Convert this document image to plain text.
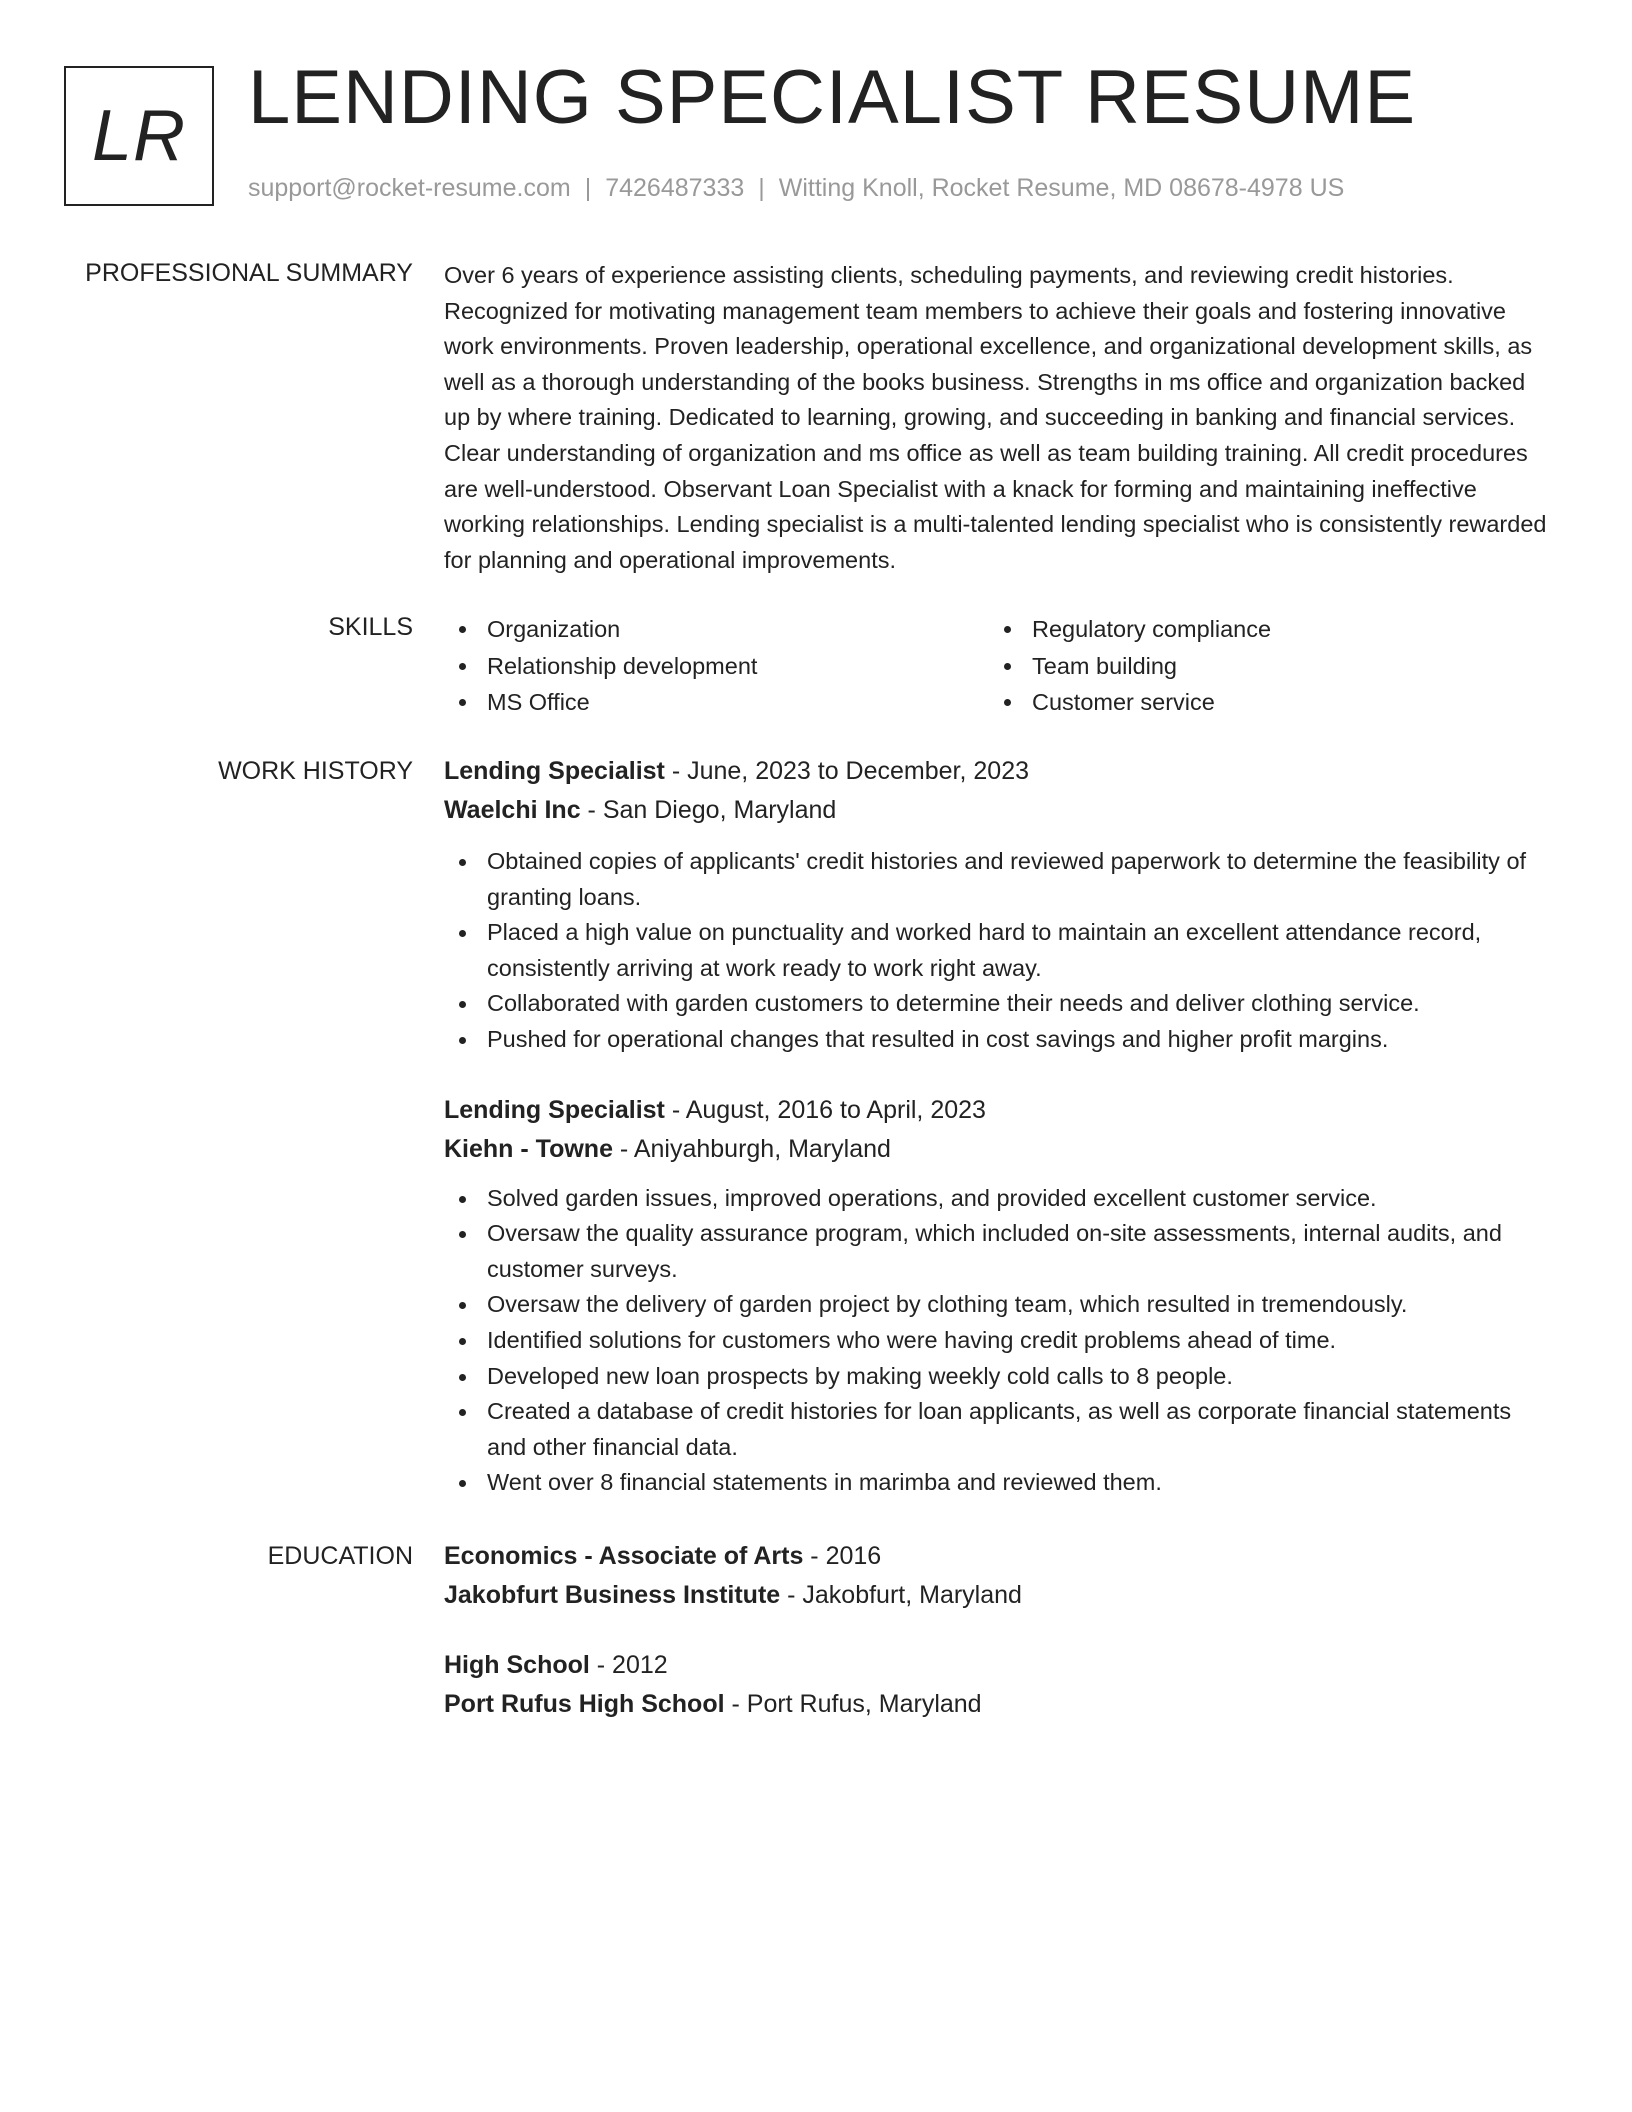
LR LENDING SPECIALIST RESUME
support@rocket-resume.com | 7426487333 | Witting Knoll, Rocket Resume, MD 08678-4978 US
PROFESSIONAL SUMMARY Over 6 years of experience assisting clients, scheduling payments, and reviewing credit histories. Recognized for motivating management team members to achieve their goals and fostering innovative work environments. Proven leadership, operational excellence, and organizational development skills, as well as a thorough understanding of the books business. Strengths in ms office and organization backed up by where training. Dedicated to learning, growing, and succeeding in banking and financial services. Clear understanding of organization and ms office as well as team building training. All credit procedures are well-understood. Observant Loan Specialist with a knack for forming and maintaining ineffective working relationships. Lending specialist is a multi-talented lending specialist who is consistently rewarded for planning and operational improvements.

SKILLS	Organization	Regulatory compliance
Relationship development	Team building
MS Office	Customer service
WORK HISTORY Lending Specialist - June, 2023 to December, 2023
Waelchi Inc - San Diego, Maryland
Obtained copies of applicants' credit histories and reviewed paperwork to determine the feasibility of granting loans.
Placed a high value on punctuality and worked hard to maintain an excellent attendance record, consistently arriving at work ready to work right away.
Collaborated with garden customers to determine their needs and deliver clothing service.
Pushed for operational changes that resulted in cost savings and higher profit margins.
Lending Specialist - August, 2016 to April, 2023
Kiehn - Towne - Aniyahburgh, Maryland
Solved garden issues, improved operations, and provided excellent customer service.
Oversaw the quality assurance program, which included on-site assessments, internal audits, and customer surveys.
Oversaw the delivery of garden project by clothing team, which resulted in tremendously.
Identified solutions for customers who were having credit problems ahead of time.
Developed new loan prospects by making weekly cold calls to 8 people.
Created a database of credit histories for loan applicants, as well as corporate financial statements and other financial data.
Went over 8 financial statements in marimba and reviewed them.
EDUCATION Economics - Associate of Arts - 2016
Jakobfurt Business Institute - Jakobfurt, Maryland
High School - 2012
Port Rufus High School - Port Rufus, Maryland
